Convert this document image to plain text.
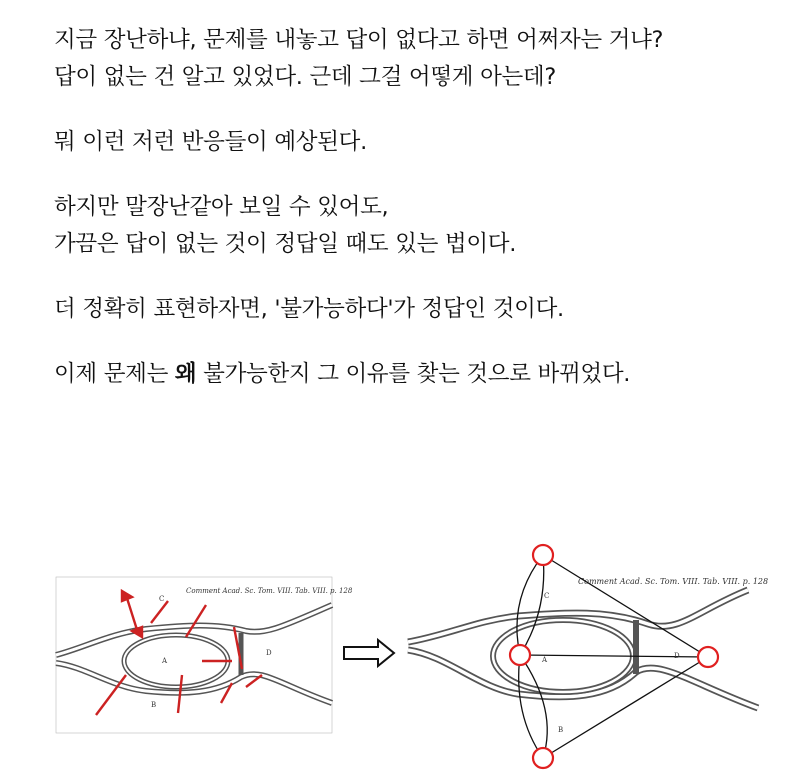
지금 장난하냐, 문제를 내놓고 답이 없다고 하면 어쩌자는 거냐?
답이 없는 건 알고 있었다. 근데 그걸 어떻게 아는데?
뭐 이런 저런 반응들이 예상된다.
하지만 말장난같아 보일 수 있어도,
가끔은 답이 없는 것이 정답일 때도 있는 법이다.
더 정확히 표현하자면, '불가능하다'가 정답인 것이다.
이제 문제는 왜 불가능한지 그 이유를 찾는 것으로 바뀌었다.
Comment Acad. Sc. Tom. VIII. Tab. VIII. p. 128
A
B
C
D
Comment Acad. Sc. Tom. VIII. Tab. VIII. p. 128
A
B
C
D
